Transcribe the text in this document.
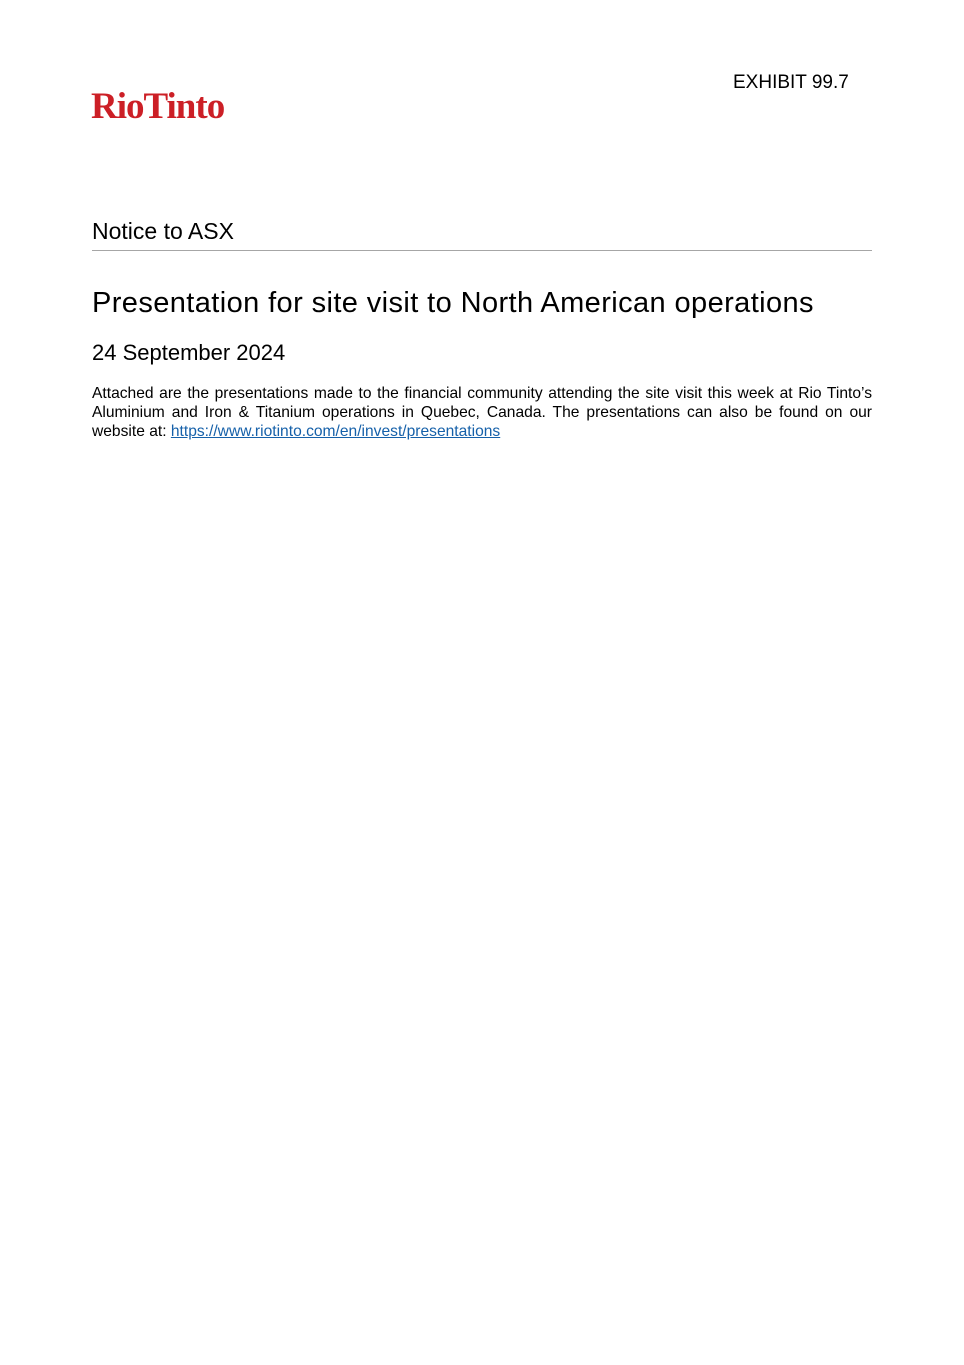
EXHIBIT 99.7
RioTinto
Notice to ASX
Presentation for site visit to North American operations
24 September 2024
Attached are the presentations made to the financial community attending the site visit this week at Rio Tinto’s Aluminium and Iron & Titanium operations in Quebec, Canada. The presentations can also be found on our website at: https://www.riotinto.com/en/invest/presentations
